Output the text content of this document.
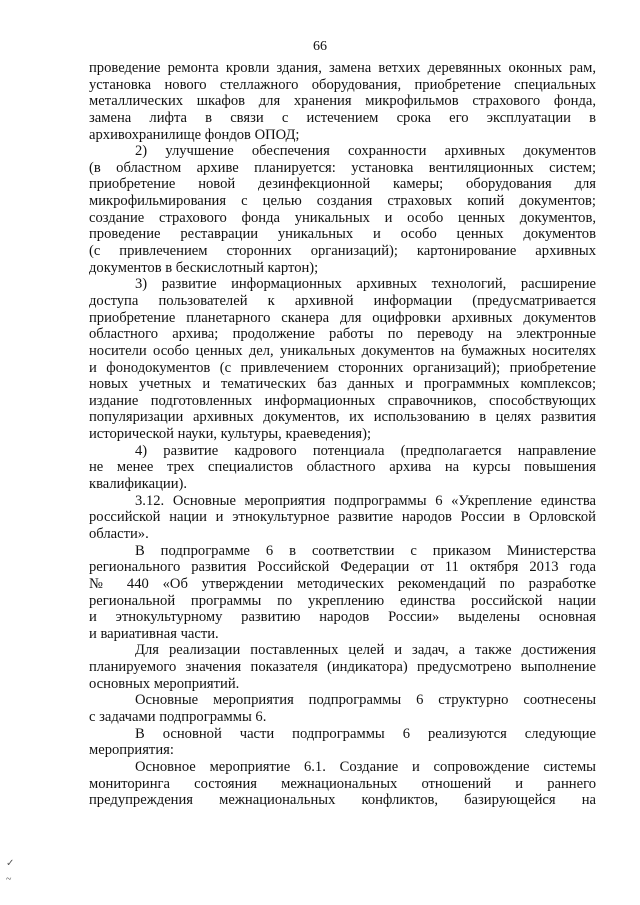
66
проведение ремонта кровли здания, замена ветхих деревянных оконных рам,
установка нового стеллажного оборудования, приобретение специальных
металлических шкафов для хранения микрофильмов страхового фонда,
замена лифта в связи с истечением срока его эксплуатации в
архивохранилище фондов ОПОД;
2) улучшение обеспечения сохранности архивных документов
(в областном архиве планируется: установка вентиляционных систем;
приобретение новой дезинфекционной камеры; оборудования для
микрофильмирования с целью создания страховых копий документов;
создание страхового фонда уникальных и особо ценных документов,
проведение реставрации уникальных и особо ценных документов
(с привлечением сторонних организаций); картонирование архивных
документов в бескислотный картон);
3) развитие информационных архивных технологий, расширение
доступа пользователей к архивной информации (предусматривается
приобретение планетарного сканера для оцифровки архивных документов
областного архива; продолжение работы по переводу на электронные
носители особо ценных дел, уникальных документов на бумажных носителях
и фонодокументов (с привлечением сторонних организаций); приобретение
новых учетных и тематических баз данных и программных комплексов;
издание подготовленных информационных справочников, способствующих
популяризации архивных документов, их использованию в целях развития
исторической науки, культуры, краеведения);
4) развитие кадрового потенциала (предполагается направление
не менее трех специалистов областного архива на курсы повышения
квалификации).
3.12. Основные мероприятия подпрограммы 6 «Укрепление единства
российской нации и этнокультурное развитие народов России в Орловской
области».
В подпрограмме 6 в соответствии с приказом Министерства
регионального развития Российской Федерации от 11 октября 2013 года
№ 440 «Об утверждении методических рекомендаций по разработке
региональной программы по укреплению единства российской нации
и этнокультурному развитию народов России» выделены основная
и вариативная части.
Для реализации поставленных целей и задач, а также достижения
планируемого значения показателя (индикатора) предусмотрено выполнение
основных мероприятий.
Основные мероприятия подпрограммы 6 структурно соотнесены
с задачами подпрограммы 6.
В основной части подпрограммы 6 реализуются следующие
мероприятия:
Основное мероприятие 6.1. Создание и сопровождение системы
мониторинга состояния межнациональных отношений и раннего
предупреждения межнациональных конфликтов, базирующейся на
✓
~
